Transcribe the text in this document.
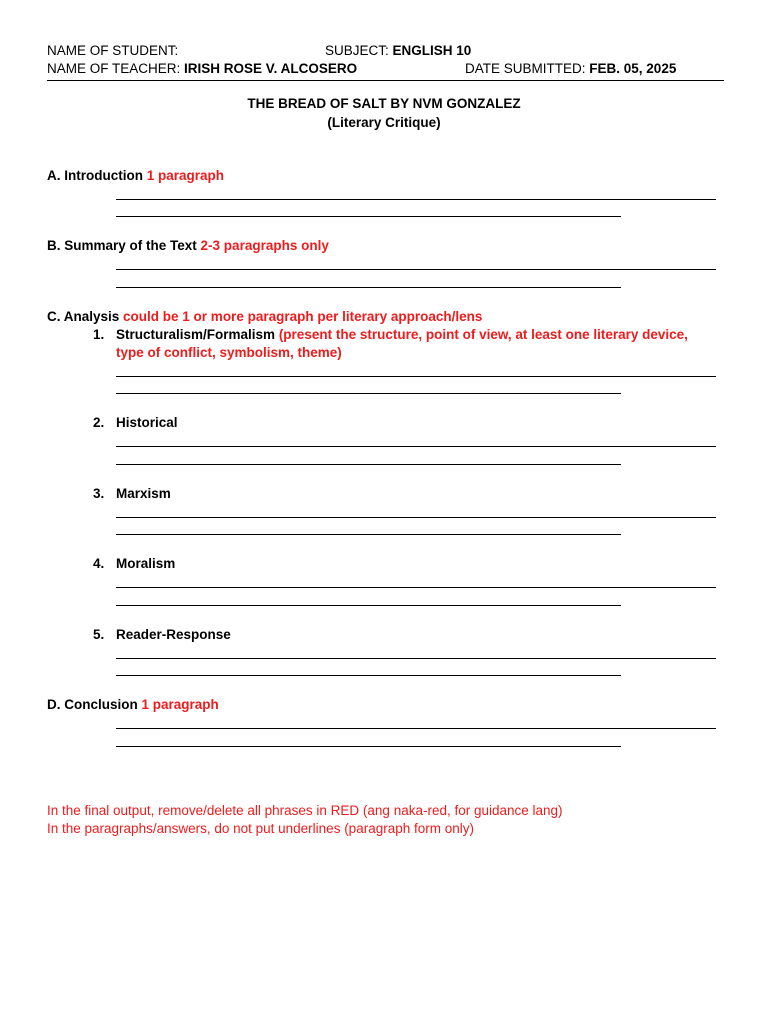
NAME OF STUDENT:	SUBJECT: ENGLISH 10
NAME OF TEACHER: IRISH ROSE V. ALCOSERO	DATE SUBMITTED: FEB. 05, 2025
THE BREAD OF SALT BY NVM GONZALEZ
(Literary Critique)
A. Introduction 1 paragraph
B. Summary of the Text 2-3 paragraphs only
C. Analysis could be 1 or more paragraph per literary approach/lens
1. Structuralism/Formalism (present the structure, point of view, at least one literary device,
type of conflict, symbolism, theme)
2. Historical
3. Marxism
4. Moralism
5. Reader-Response
D. Conclusion 1 paragraph
In the final output, remove/delete all phrases in RED (ang naka-red, for guidance lang)
In the paragraphs/answers, do not put underlines (paragraph form only)
